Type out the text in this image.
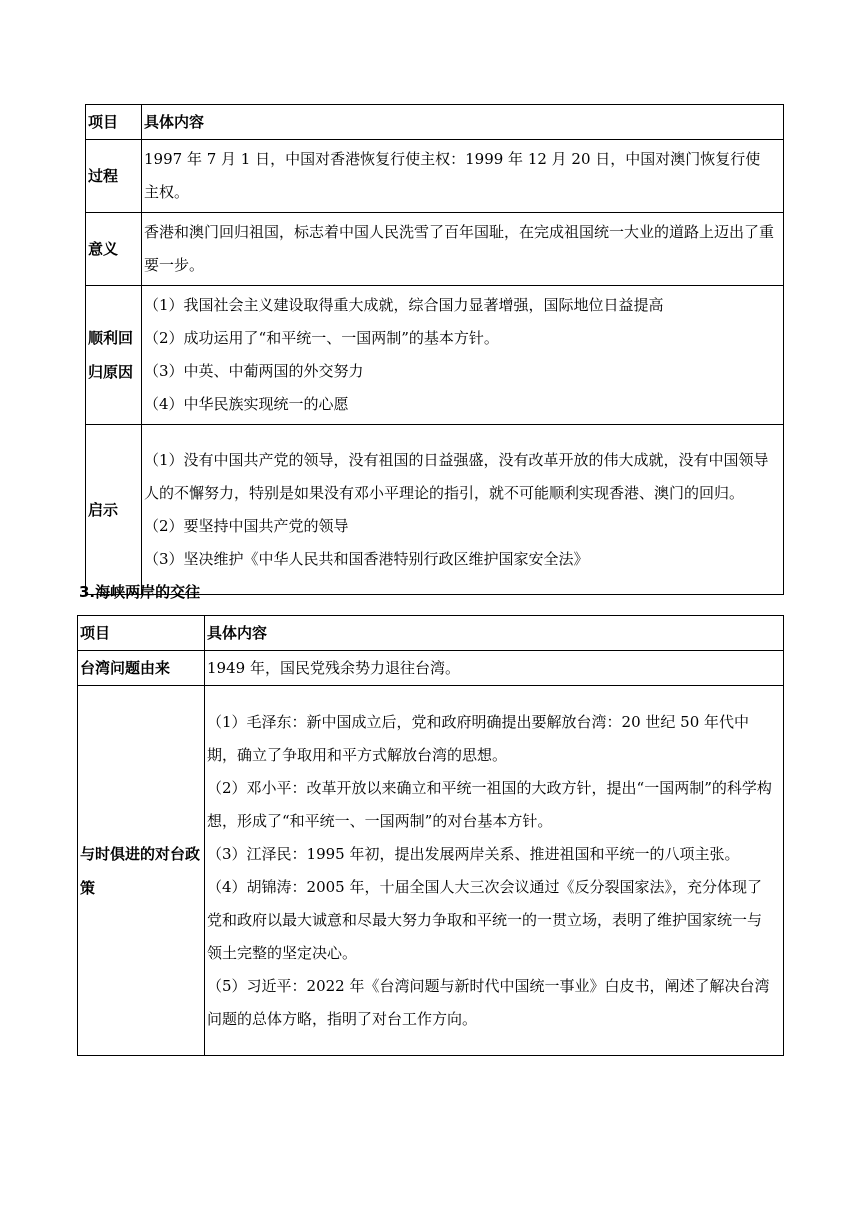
项目	具体内容
过程	1997 年 7 月 1 日，中国对香港恢复行使主权：1999 年 12 月 20 日，中国对澳门恢复行使主权。

意义	香港和澳门回归祖国，标志着中国人民洗雪了百年国耻，在完成祖国统一大业的道路上迈出了重要一步。

顺利回归原因	（1）我国社会主义建设取得重大成就，综合国力显著增强，国际地位日益提高
（2）成功运用了“和平统一、一国两制”的基本方针。
（3）中英、中葡两国的外交努力
（4）中华民族实现统一的心愿

启示	（1）没有中国共产党的领导，没有祖国的日益强盛，没有改革开放的伟大成就，没有中国领导人的不懈努力，特别是如果没有邓小平理论的指引，就不可能顺利实现香港、澳门的回归。
（2）要坚持中国共产党的领导
（3）坚决维护《中华人民共和国香港特别行政区维护国家安全法》
3.海峡两岸的交往
项目	具体内容
台湾问题由来	1949 年，国民党残余势力退往台湾。

与时俱进的对台政策	（1）毛泽东：新中国成立后，党和政府明确提出要解放台湾：20 世纪 50 年代中期，确立了争取用和平方式解放台湾的思想。
（2）邓小平：改革开放以来确立和平统一祖国的大政方针，提出“一国两制”的科学构想，形成了“和平统一、一国两制”的对台基本方针。
（3）江泽民：1995 年初，提出发展两岸关系、推进祖国和平统一的八项主张。
（4）胡锦涛：2005 年，十届全国人大三次会议通过《反分裂国家法》，充分体现了党和政府以最大诚意和尽最大努力争取和平统一的一贯立场，表明了维护国家统一与领土完整的坚定决心。
（5）习近平：2022 年《台湾问题与新时代中国统一事业》白皮书，阐述了解决台湾问题的总体方略，指明了对台工作方向。
